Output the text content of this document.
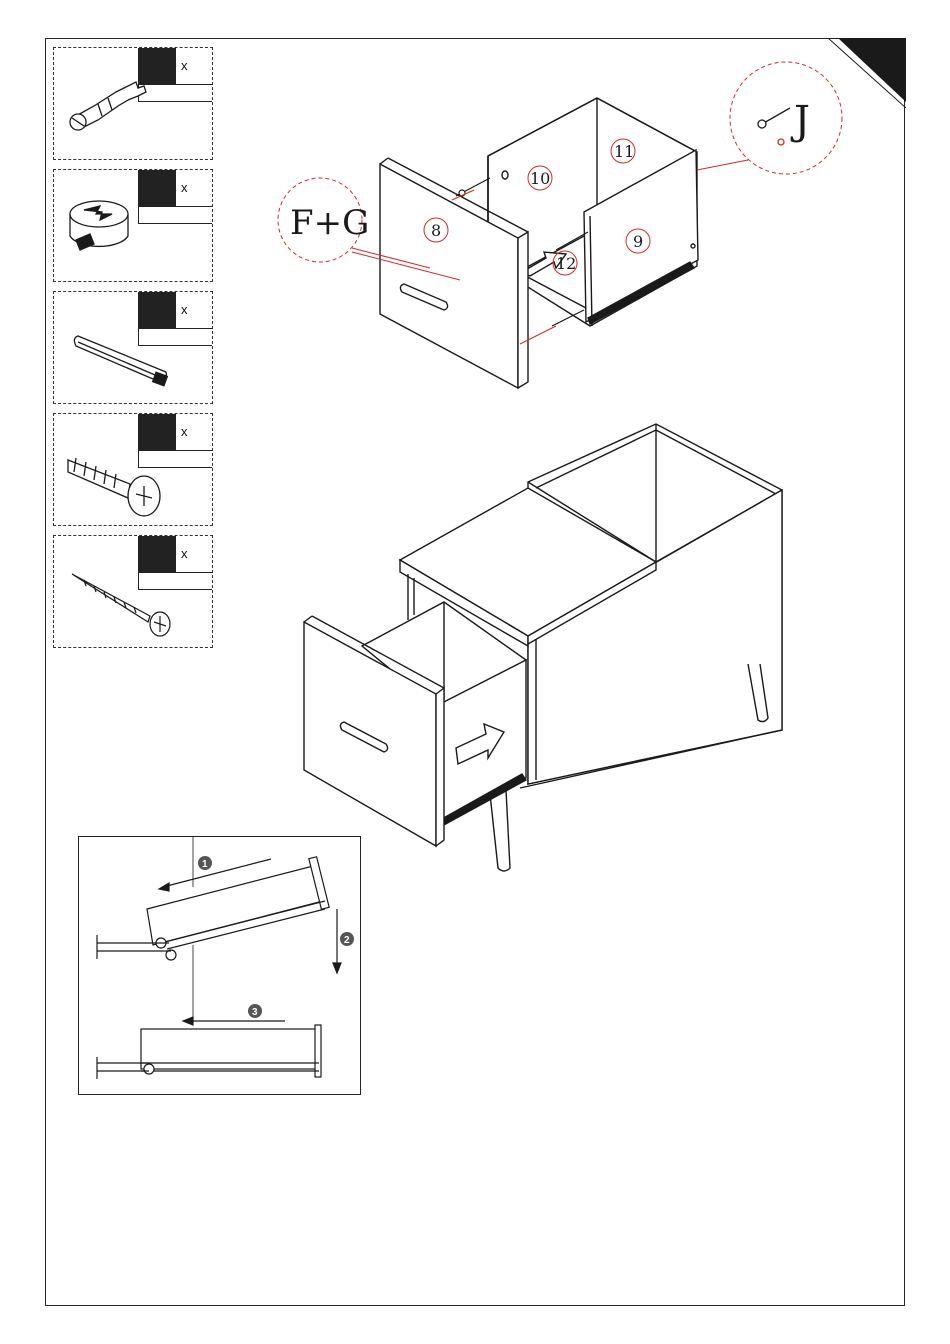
x
x
x
x
x
F+G
J
8
9
10
11
12
1
2
3
